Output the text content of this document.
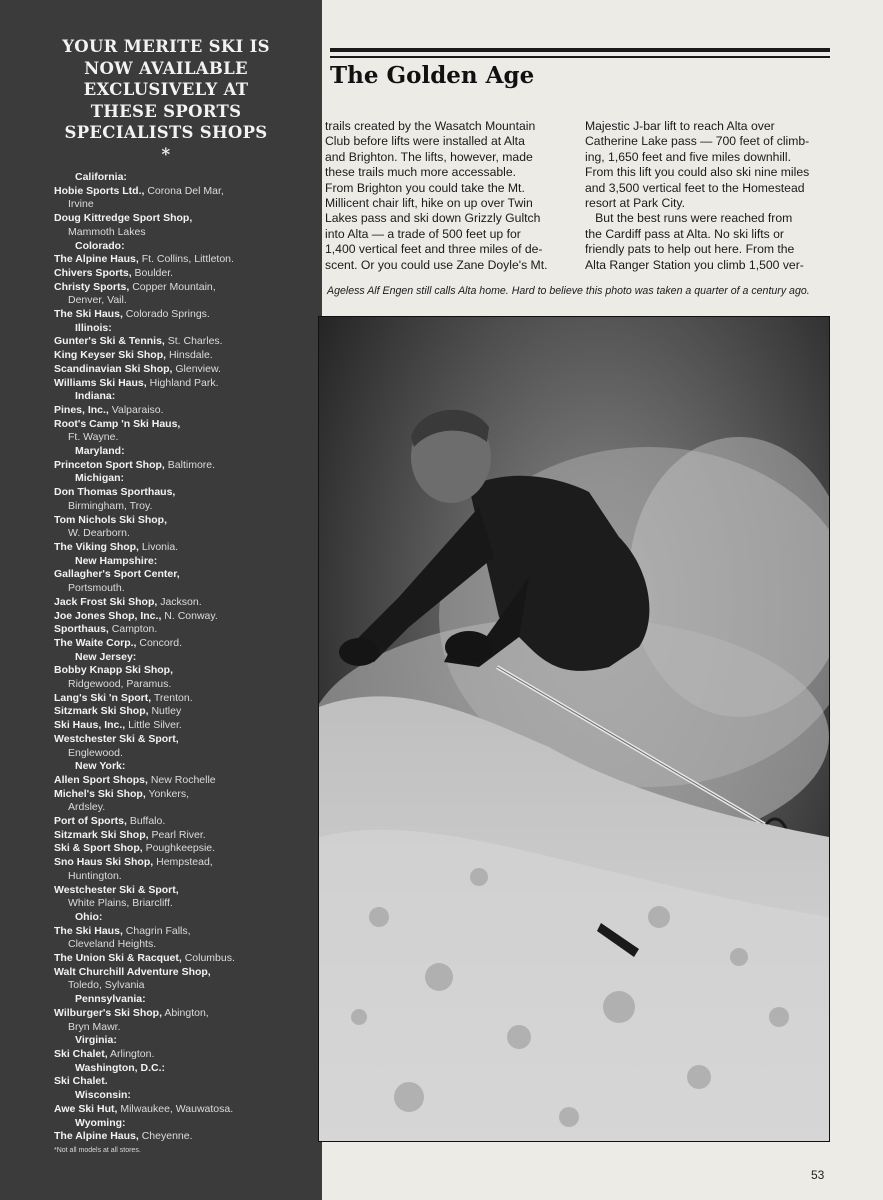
YOUR MERITE SKI IS NOW AVAILABLE EXCLUSIVELY AT THESE SPORTS SPECIALISTS SHOPS *
California:
Hobie Sports Ltd., Corona Del Mar,
Irvine
Doug Kittredge Sport Shop,
Mammoth Lakes
Colorado:
The Alpine Haus, Ft. Collins, Littleton.
Chivers Sports, Boulder.
Christy Sports, Copper Mountain,
Denver, Vail.
The Ski Haus, Colorado Springs.
Illinois:
Gunter's Ski & Tennis, St. Charles.
King Keyser Ski Shop, Hinsdale.
Scandinavian Ski Shop, Glenview.
Williams Ski Haus, Highland Park.
Indiana:
Pines, Inc., Valparaiso.
Root's Camp 'n Ski Haus,
Ft. Wayne.
Maryland:
Princeton Sport Shop, Baltimore.
Michigan:
Don Thomas Sporthaus,
Birmingham, Troy.
Tom Nichols Ski Shop,
W. Dearborn.
The Viking Shop, Livonia.
New Hampshire:
Gallagher's Sport Center,
Portsmouth.
Jack Frost Ski Shop, Jackson.
Joe Jones Shop, Inc., N. Conway.
Sporthaus, Campton.
The Waite Corp., Concord.
New Jersey:
Bobby Knapp Ski Shop,
Ridgewood, Paramus.
Lang's Ski 'n Sport, Trenton.
Sitzmark Ski Shop, Nutley
Ski Haus, Inc., Little Silver.
Westchester Ski & Sport,
Englewood.
New York:
Allen Sport Shops, New Rochelle
Michel's Ski Shop, Yonkers,
Ardsley.
Port of Sports, Buffalo.
Sitzmark Ski Shop, Pearl River.
Ski & Sport Shop, Poughkeepsie.
Sno Haus Ski Shop, Hempstead,
Huntington.
Westchester Ski & Sport,
White Plains, Briarcliff.
Ohio:
The Ski Haus, Chagrin Falls,
Cleveland Heights.
The Union Ski & Racquet, Columbus.
Walt Churchill Adventure Shop,
Toledo, Sylvania
Pennsylvania:
Wilburger's Ski Shop, Abington,
Bryn Mawr.
Virginia:
Ski Chalet, Arlington.
Washington, D.C.:
Ski Chalet.
Wisconsin:
Awe Ski Hut, Milwaukee, Wauwatosa.
Wyoming:
The Alpine Haus, Cheyenne.
*Not all models at all stores.
The Golden Age
trails created by the Wasatch Mountain
Club before lifts were installed at Alta
and Brighton. The lifts, however, made
these trails much more accessable.
From Brighton you could take the Mt.
Millicent chair lift, hike on up over Twin
Lakes pass and ski down Grizzly Gultch
into Alta — a trade of 500 feet up for
1,400 vertical feet and three miles of de-
scent. Or you could use Zane Doyle's Mt.
Majestic J-bar lift to reach Alta over
Catherine Lake pass — 700 feet of climb-
ing, 1,650 feet and five miles downhill.
From this lift you could also ski nine miles
and 3,500 vertical feet to the Homestead
resort at Park City.
But the best runs were reached from
the Cardiff pass at Alta. No ski lifts or
friendly pats to help out here. From the
Alta Ranger Station you climb 1,500 ver-
Ageless Alf Engen still calls Alta home. Hard to believe this photo was taken a quarter of a century ago.
53
